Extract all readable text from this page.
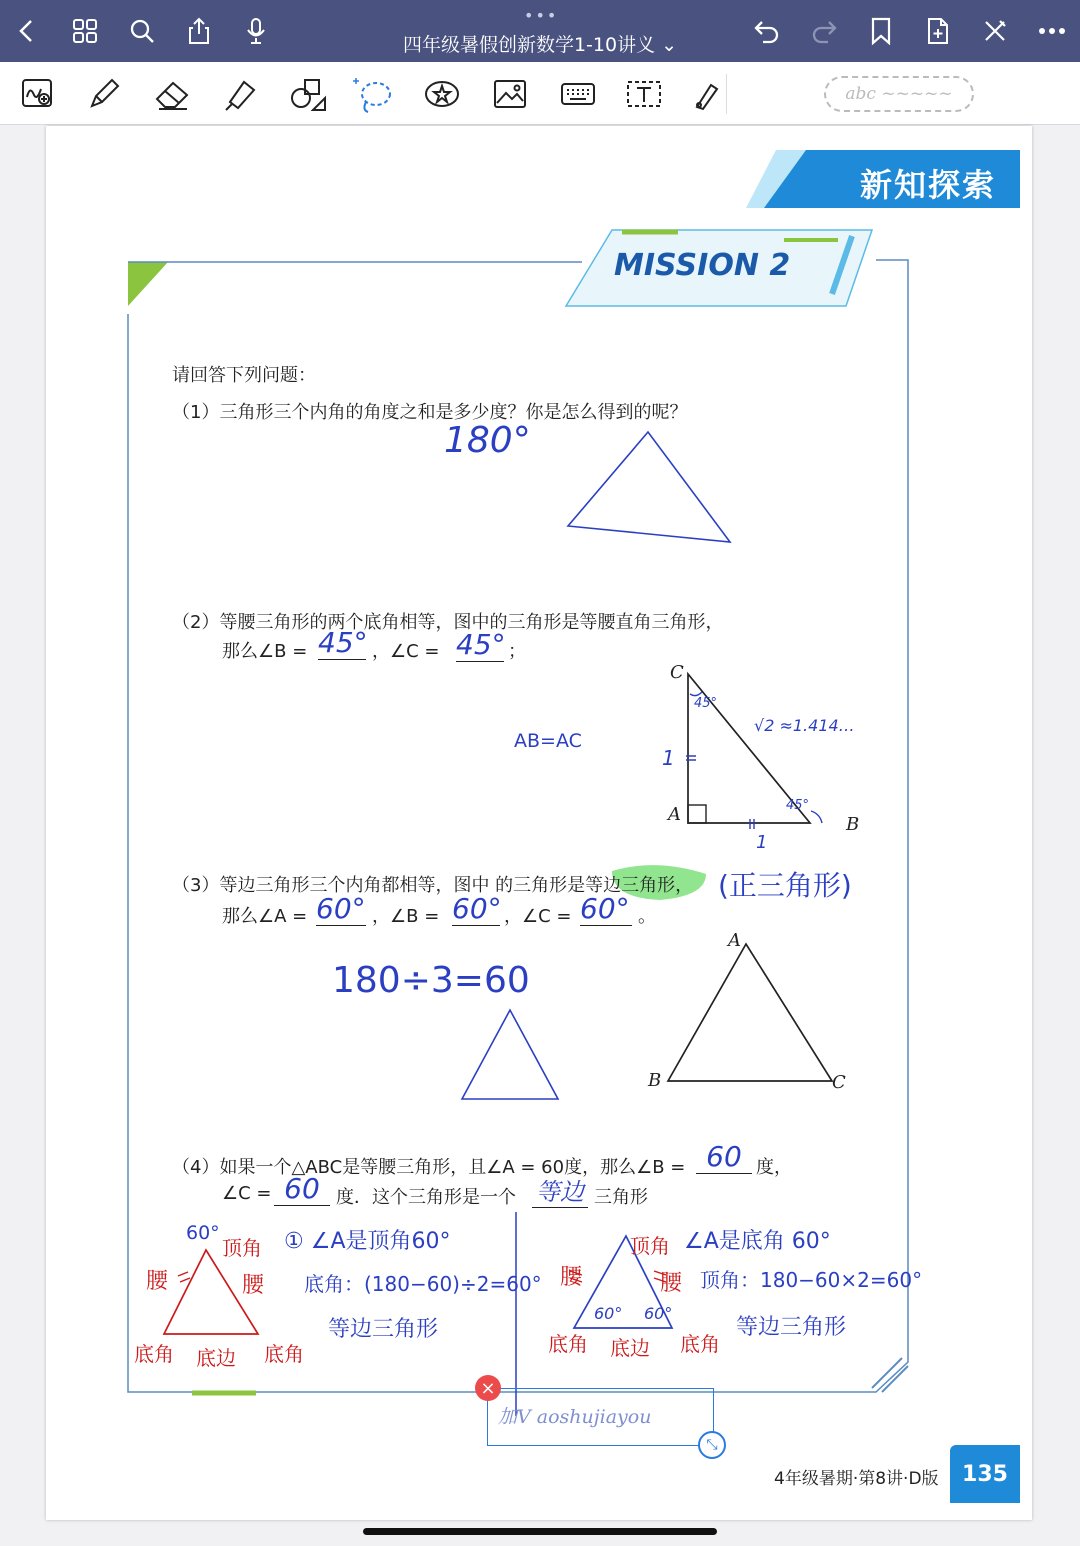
•••
四年级暑假创新数学1-10讲义 ⌄
abc ~~~~~
新知探索
MISSION 2
请回答下列问题：
（1）三角形三个内角的角度之和是多少度？你是怎么得到的呢？
180°
（2）等腰三角形的两个底角相等，图中的三角形是等腰直角三角形，
那么∠B =	，∠C =	；
45°	45°
AB=AC
√2 ≈1.414…
1
1
45°
45°
C
A	B
（3）等边三角形三个内角都相等，图中 的三角形是等边三角形， (正三角形)
那么∠A =	，∠B =	，∠C =	。
60°	60°	60°
180÷3=60
A
B	C
（4）如果一个△ABC是等腰三角形，且∠A = 60度，那么∠B =	度，
60
∠C = 60 度．这个三角形是一个 等边 三角形
60°
顶角
腰	腰
底角 底边 底角
① ∠A是顶角60°
底角：(180−60)÷2=60°
等边三角形
顶角
腰	腰
底角 底边 底角
60° 60°
∠A是底角 60°
顶角：180−60×2=60°
等边三角形
4年级暑期·第8讲·D版	135
加V aoshujiayou
×
⤡
